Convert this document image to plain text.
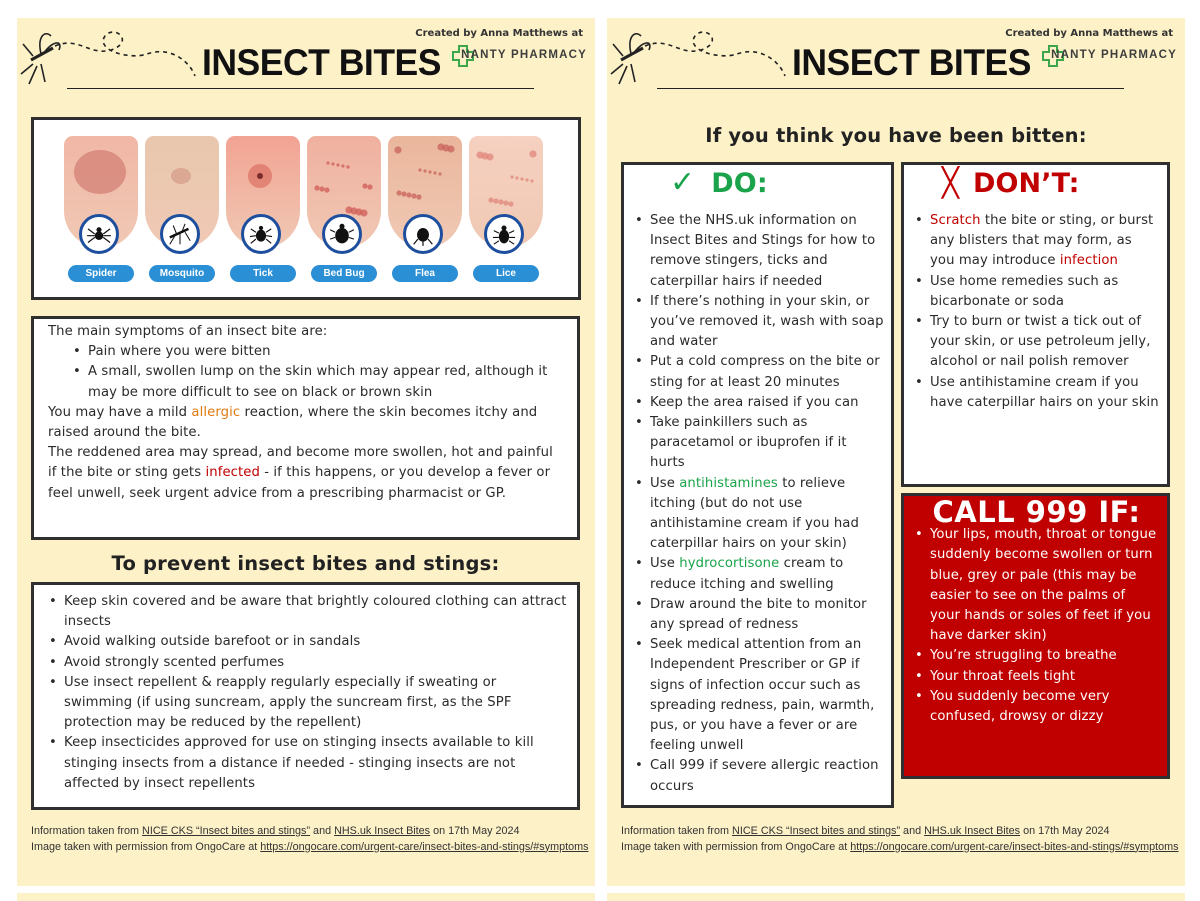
Created by Anna Matthews at
NANTY PHARMACY
INSECT BITES
Spider	Mosquito	Tick	Bed Bug	Flea	Lice
The main symptoms of an insect bite are:
• Pain where you were bitten
• A small, swollen lump on the skin which may appear red, although it may be more difficult to see on black or brown skin
You may have a mild allergic reaction, where the skin becomes itchy and raised around the bite.
The reddened area may spread, and become more swollen, hot and painful if the bite or sting gets infected - if this happens, or you develop a fever or feel unwell, seek urgent advice from a prescribing pharmacist or GP.
To prevent insect bites and stings:
• Keep skin covered and be aware that brightly coloured clothing can attract insects
• Avoid walking outside barefoot or in sandals
• Avoid strongly scented perfumes
• Use insect repellent & reapply regularly especially if sweating or swimming (if using suncream, apply the suncream first, as the SPF protection may be reduced by the repellent)
• Keep insecticides approved for use on stinging insects available to kill stinging insects from a distance if needed - stinging insects are not affected by insect repellents
Information taken from NICE CKS “Insect bites and stings” and NHS.uk Insect Bites on 17th May 2024
Image taken with permission from OngoCare at https://ongocare.com/urgent-care/insect-bites-and-stings/#symptoms
Created by Anna Matthews at
NANTY PHARMACY
INSECT BITES
If you think you have been bitten:
✓ DO:
• See the NHS.uk information on Insect Bites and Stings for how to remove stingers, ticks and caterpillar hairs if needed
• If there’s nothing in your skin, or you’ve removed it, wash with soap and water
• Put a cold compress on the bite or sting for at least 20 minutes
• Keep the area raised if you can
• Take painkillers such as paracetamol or ibuprofen if it hurts
• Use antihistamines to relieve itching (but do not use antihistamine cream if you had caterpillar hairs on your skin)
• Use hydrocortisone cream to reduce itching and swelling
• Draw around the bite to monitor any spread of redness
• Seek medical attention from an Independent Prescriber or GP if signs of infection occur such as spreading redness, pain, warmth, pus, or you have a fever or are feeling unwell
• Call 999 if severe allergic reaction occurs
╳ DON’T:
• Scratch the bite or sting, or burst any blisters that may form, as you may introduce infection
• Use home remedies such as bicarbonate or soda
• Try to burn or twist a tick out of your skin, or use petroleum jelly, alcohol or nail polish remover
• Use antihistamine cream if you have caterpillar hairs on your skin
CALL 999 IF:
• Your lips, mouth, throat or tongue suddenly become swollen or turn blue, grey or pale (this may be easier to see on the palms of your hands or soles of feet if you have darker skin)
• You’re struggling to breathe
• Your throat feels tight
• You suddenly become very confused, drowsy or dizzy
Information taken from NICE CKS “Insect bites and stings” and NHS.uk Insect Bites on 17th May 2024
Image taken with permission from OngoCare at https://ongocare.com/urgent-care/insect-bites-and-stings/#symptoms
